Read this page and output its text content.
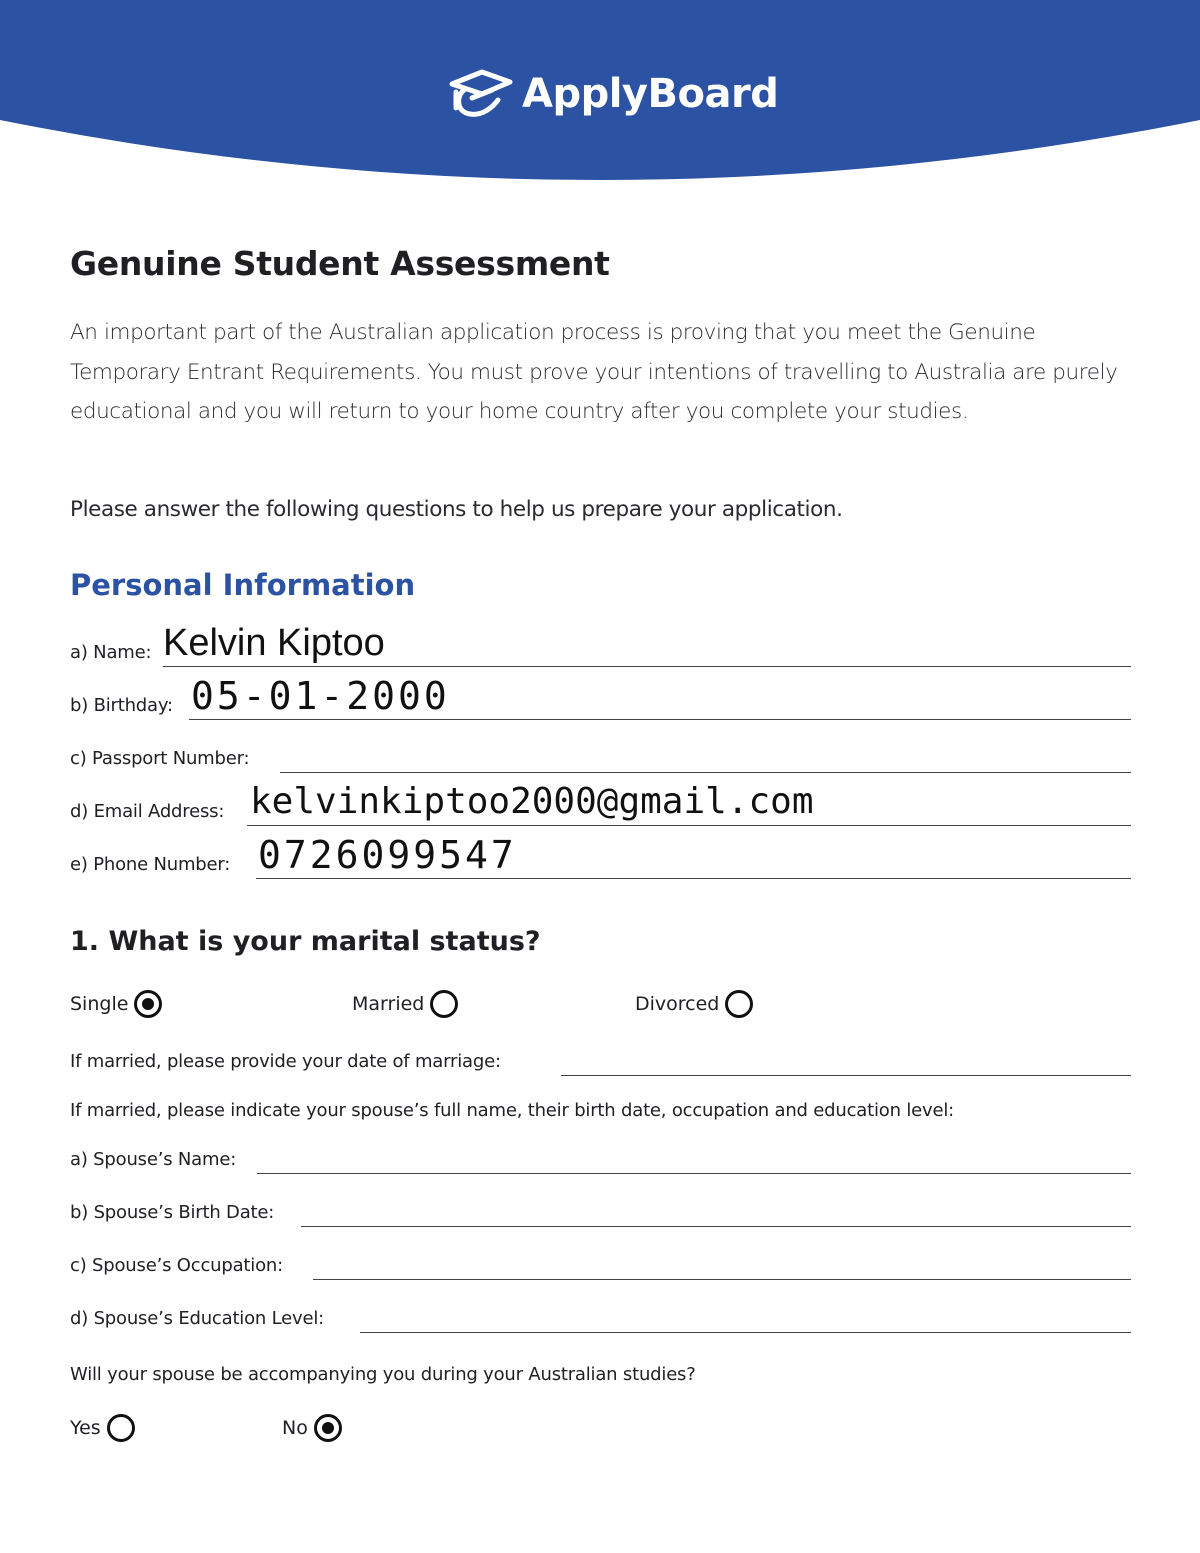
ApplyBoard
Genuine Student Assessment

An important part of the Australian application process is proving that you meet the Genuine Temporary Entrant Requirements. You must prove your intentions of travelling to Australia are purely educational and you will return to your home country after you complete your studies.

Please answer the following questions to help us prepare your application.

Personal Information
a) Name: Kelvin Kiptoo
b) Birthday: 05-01-2000
c) Passport Number:
d) Email Address: kelvinkiptoo2000@gmail.com
e) Phone Number: 0726099547
1. What is your marital status?
Single	Married	Divorced
If married, please provide your date of marriage:

If married, please indicate your spouse’s full name, their birth date, occupation and education level:

a) Spouse’s Name:
b) Spouse’s Birth Date:
c) Spouse’s Occupation:
d) Spouse’s Education Level:

Will your spouse be accompanying you during your Australian studies?

Yes	No
